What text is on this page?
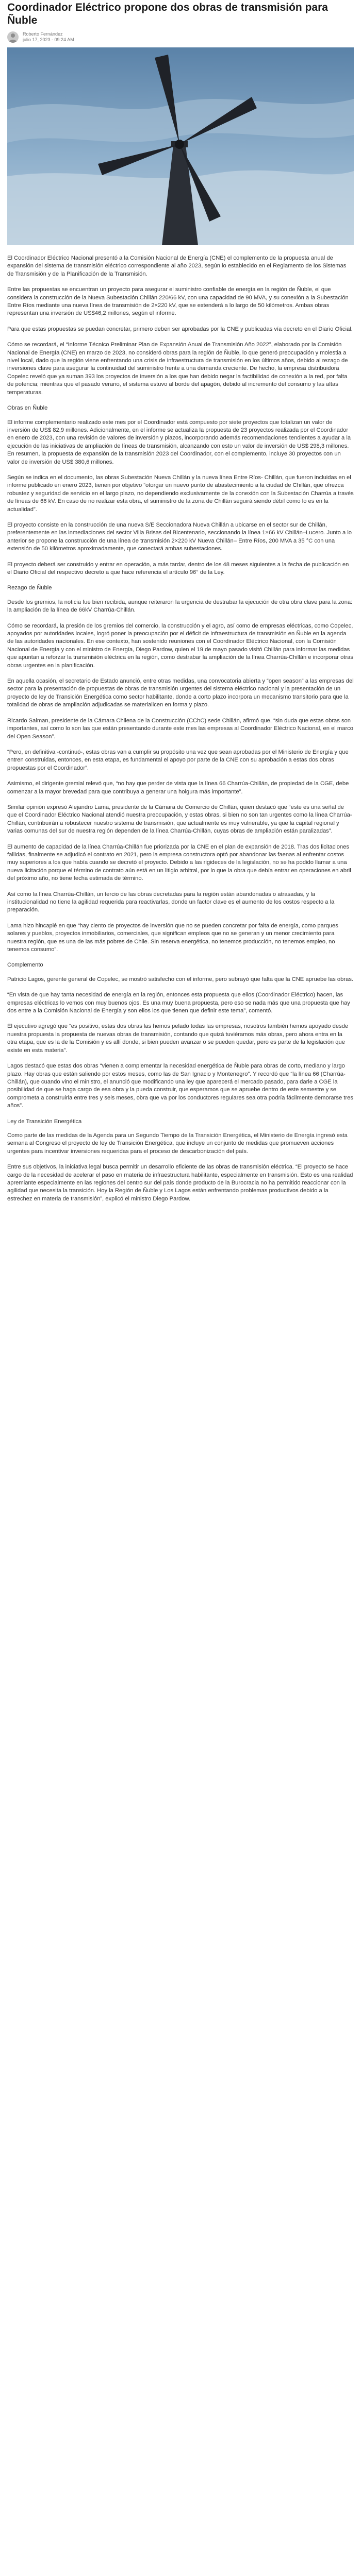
Coordinador Eléctrico propone dos obras de transmisión para Ñuble
Roberto Fernández
julio 17, 2023 - 09:24 AM

El Coordinador Eléctrico Nacional presentó a la Comisión Nacional de Energía (CNE) el complemento de la propuesta anual de expansión del sistema de transmisión eléctrico correspondiente al año 2023, según lo establecido en el Reglamento de los Sistemas de Transmisión y de la Planificación de la Transmisión.

Entre las propuestas se encuentran un proyecto para asegurar el suministro confiable de energía en la región de Ñuble, el que considera la construcción de la Nueva Subestación Chillán 220/66 kV, con una capacidad de 90 MVA, y su conexión a la Subestación Entre Ríos mediante una nueva línea de transmisión de 2×220 kV, que se extenderá a lo largo de 50 kilómetros. Ambas obras representan una inversión de US$46,2 millones, según el informe.

Para que estas propuestas se puedan concretar, primero deben ser aprobadas por la CNE y publicadas vía decreto en el Diario Oficial.

Cómo se recordará, el “Informe Técnico Preliminar Plan de Expansión Anual de Transmisión Año 2022”, elaborado por la Comisión Nacional de Energía (CNE) en marzo de 2023, no consideró obras para la región de Ñuble, lo que generó preocupación y molestia a nivel local, dado que la región viene enfrentando una crisis de infraestructura de transmisión en los últimos años, debido al rezago de inversiones clave para asegurar la continuidad del suministro frente a una demanda creciente. De hecho, la empresa distribuidora Copelec reveló que ya suman 393 los proyectos de inversión a los que han debido negar la factibilidad de conexión a la red, por falta de potencia; mientras que el pasado verano, el sistema estuvo al borde del apagón, debido al incremento del consumo y las altas temperaturas.

Obras en Ñuble

El informe complementario realizado este mes por el Coordinador está compuesto por siete proyectos que totalizan un valor de inversión de US$ 82,9 millones. Adicionalmente, en el informe se actualiza la propuesta de 23 proyectos realizada por el Coordinador en enero de 2023, con una revisión de valores de inversión y plazos, incorporando además recomendaciones tendientes a ayudar a la ejecución de las iniciativas de ampliación de líneas de transmisión, alcanzando con esto un valor de inversión de US$ 298,3 millones. En resumen, la propuesta de expansión de la transmisión 2023 del Coordinador, con el complemento, incluye 30 proyectos con un valor de inversión de US$ 380,6 millones.

Según se indica en el documento, las obras Subestación Nueva Chillán y la nueva línea Entre Ríos- Chillán, que fueron incluidas en el informe publicado en enero 2023, tienen por objetivo “otorgar un nuevo punto de abastecimiento a la ciudad de Chillán, que ofrezca robustez y seguridad de servicio en el largo plazo, no dependiendo exclusivamente de la conexión con la Subestación Charrúa a través de líneas de 66 kV. En caso de no realizar esta obra, el suministro de la zona de Chillán seguirá siendo débil como lo es en la actualidad”.

El proyecto consiste en la construcción de una nueva S/E Seccionadora Nueva Chillán a ubicarse en el sector sur de Chillán, preferentemente en las inmediaciones del sector Villa Brisas del Bicentenario, seccionando la línea 1×66 kV Chillán–Lucero. Junto a lo anterior se propone la construcción de una línea de transmisión 2×220 kV Nueva Chillán– Entre Ríos, 200 MVA a 35 °C con una extensión de 50 kilómetros aproximadamente, que conectará ambas subestaciones.

El proyecto deberá ser construido y entrar en operación, a más tardar, dentro de los 48 meses siguientes a la fecha de publicación en el Diario Oficial del respectivo decreto a que hace referencia el artículo 96° de la Ley.

Rezago de Ñuble

Desde los gremios, la noticia fue bien recibida, aunque reiteraron la urgencia de destrabar la ejecución de otra obra clave para la zona: la ampliación de la línea de 66kV Charrúa-Chillán.

Cómo se recordará, la presión de los gremios del comercio, la construcción y el agro, así como de empresas eléctricas, como Copelec, apoyados por autoridades locales, logró poner la preocupación por el déficit de infraestructura de transmisión en Ñuble en la agenda de las autoridades nacionales. En ese contexto, han sostenido reuniones con el Coordinador Eléctrico Nacional, con la Comisión Nacional de Energía y con el ministro de Energía, Diego Pardow, quien el 19 de mayo pasado visitó Chillán para informar las medidas que apuntan a reforzar la transmisión eléctrica en la región, como destrabar la ampliación de la línea Charrúa-Chillán e incorporar otras obras urgentes en la planificación.

En aquella ocasión, el secretario de Estado anunció, entre otras medidas, una convocatoria abierta y “open season” a las empresas del sector para la presentación de propuestas de obras de transmisión urgentes del sistema eléctrico nacional y la presentación de un proyecto de ley de Transición Energética como sector habilitante, donde a corto plazo incorpora un mecanismo transitorio para que la totalidad de obras de ampliación adjudicadas se materialicen en forma y plazo.

Ricardo Salman, presidente de la Cámara Chilena de la Construcción (CChC) sede Chillán, afirmó que, “sin duda que estas obras son importantes, así como lo son las que están presentando durante este mes las empresas al Coordinador Eléctrico Nacional, en el marco del Open Season”.

“Pero, en definitiva -continuó-, estas obras van a cumplir su propósito una vez que sean aprobadas por el Ministerio de Energía y que entren construidas, entonces, en esta etapa, es fundamental el apoyo por parte de la CNE con su aprobación a estas dos obras propuestas por el Coordinador”.

Asimismo, el dirigente gremial relevó que, “no hay que perder de vista que la línea 66 Charrúa-Chillán, de propiedad de la CGE, debe comenzar a la mayor brevedad para que contribuya a generar una holgura más importante”.

Similar opinión expresó Alejandro Lama, presidente de la Cámara de Comercio de Chillán, quien destacó que “este es una señal de que el Coordinador Eléctrico Nacional atendió nuestra preocupación, y estas obras, si bien no son tan urgentes como la línea Charrúa-Chillán, contribuirán a robustecer nuestro sistema de transmisión, que actualmente es muy vulnerable, ya que la capital regional y varias comunas del sur de nuestra región dependen de la línea Charrúa-Chillán, cuyas obras de ampliación están paralizadas”.

El aumento de capacidad de la línea Charrúa-Chillán fue priorizada por la CNE en el plan de expansión de 2018. Tras dos licitaciones fallidas, finalmente se adjudicó el contrato en 2021, pero la empresa constructora optó por abandonar las faenas al enfrentar costos muy superiores a los que había cuando se decretó el proyecto. Debido a las rigideces de la legislación, no se ha podido llamar a una nueva licitación porque el término de contrato aún está en un litigio arbitral, por lo que la obra que debía entrar en operaciones en abril del próximo año, no tiene fecha estimada de término.

Así como la línea Charrúa-Chillán, un tercio de las obras decretadas para la región están abandonadas o atrasadas, y la institucionalidad no tiene la agilidad requerida para reactivarlas, donde un factor clave es el aumento de los costos respecto a la preparación.

Lama hizo hincapié en que “hay ciento de proyectos de inversión que no se pueden concretar por falta de energía, como parques solares y pueblos, proyectos inmobiliarios, comerciales, que significan empleos que no se generan y un menor crecimiento para nuestra región, que es una de las más pobres de Chile. Sin reserva energética, no tenemos producción, no tenemos empleo, no tenemos consumo”.

Complemento

Patricio Lagos, gerente general de Copelec, se mostró satisfecho con el informe, pero subrayó que falta que la CNE apruebe las obras.

“En vista de que hay tanta necesidad de energía en la región, entonces esta propuesta que ellos (Coordinador Eléctrico) hacen, las empresas eléctricas lo vemos con muy buenos ojos. Es una muy buena propuesta, pero eso se nada más que una propuesta que hay dos entre a la Comisión Nacional de Energía y son ellos los que tienen que definir este tema”, comentó.

El ejecutivo agregó que “es positivo, estas dos obras las hemos pelado todas las empresas, nosotros también hemos apoyado desde nuestra propuesta la propuesta de nuevas obras de transmisión, contando que quizá tuviéramos más obras, pero ahora entra en la otra etapa, que es la de la Comisión y es allí donde, si bien pueden avanzar o se pueden quedar, pero es parte de la legislación que existe en esta materia”.

Lagos destacó que estas dos obras “vienen a complementar la necesidad energética de Ñuble para obras de corto, mediano y largo plazo. Hay obras que están saliendo por estos meses, como las de San Ignacio y Montenegro”. Y recordó que “la línea 66 (Charrúa-Chillán), que cuando vino el ministro, el anunció que modificando una ley que aparecerá el mercado pasado, para darle a CGE la posibilidad de que se haga cargo de esa obra y la pueda construir, que esperamos que se apruebe dentro de este semestre y se comprometa a construirla entre tres y seis meses, obra que va por los conductores regulares sea otra podría fácilmente demorarse tres años”.

Ley de Transición Energética

Como parte de las medidas de la Agenda para un Segundo Tiempo de la Transición Energética, el Ministerio de Energía ingresó esta semana al Congreso el proyecto de ley de Transición Energética, que incluye un conjunto de medidas que promueven acciones urgentes para incentivar inversiones requeridas para el proceso de descarbonización del país.

Entre sus objetivos, la iniciativa legal busca permitir un desarrollo eficiente de las obras de transmisión eléctrica. “El proyecto se hace cargo de la necesidad de acelerar el paso en materia de infraestructura habilitante, especialmente en transmisión. Esto es una realidad apremiante especialmente en las regiones del centro sur del país donde producto de la Burocracia no ha permitido reaccionar con la agilidad que necesita la transición. Hoy la Región de Ñuble y Los Lagos están enfrentando problemas productivos debido a la estrechez en materia de transmisión”, explicó el ministro Diego Pardow.
